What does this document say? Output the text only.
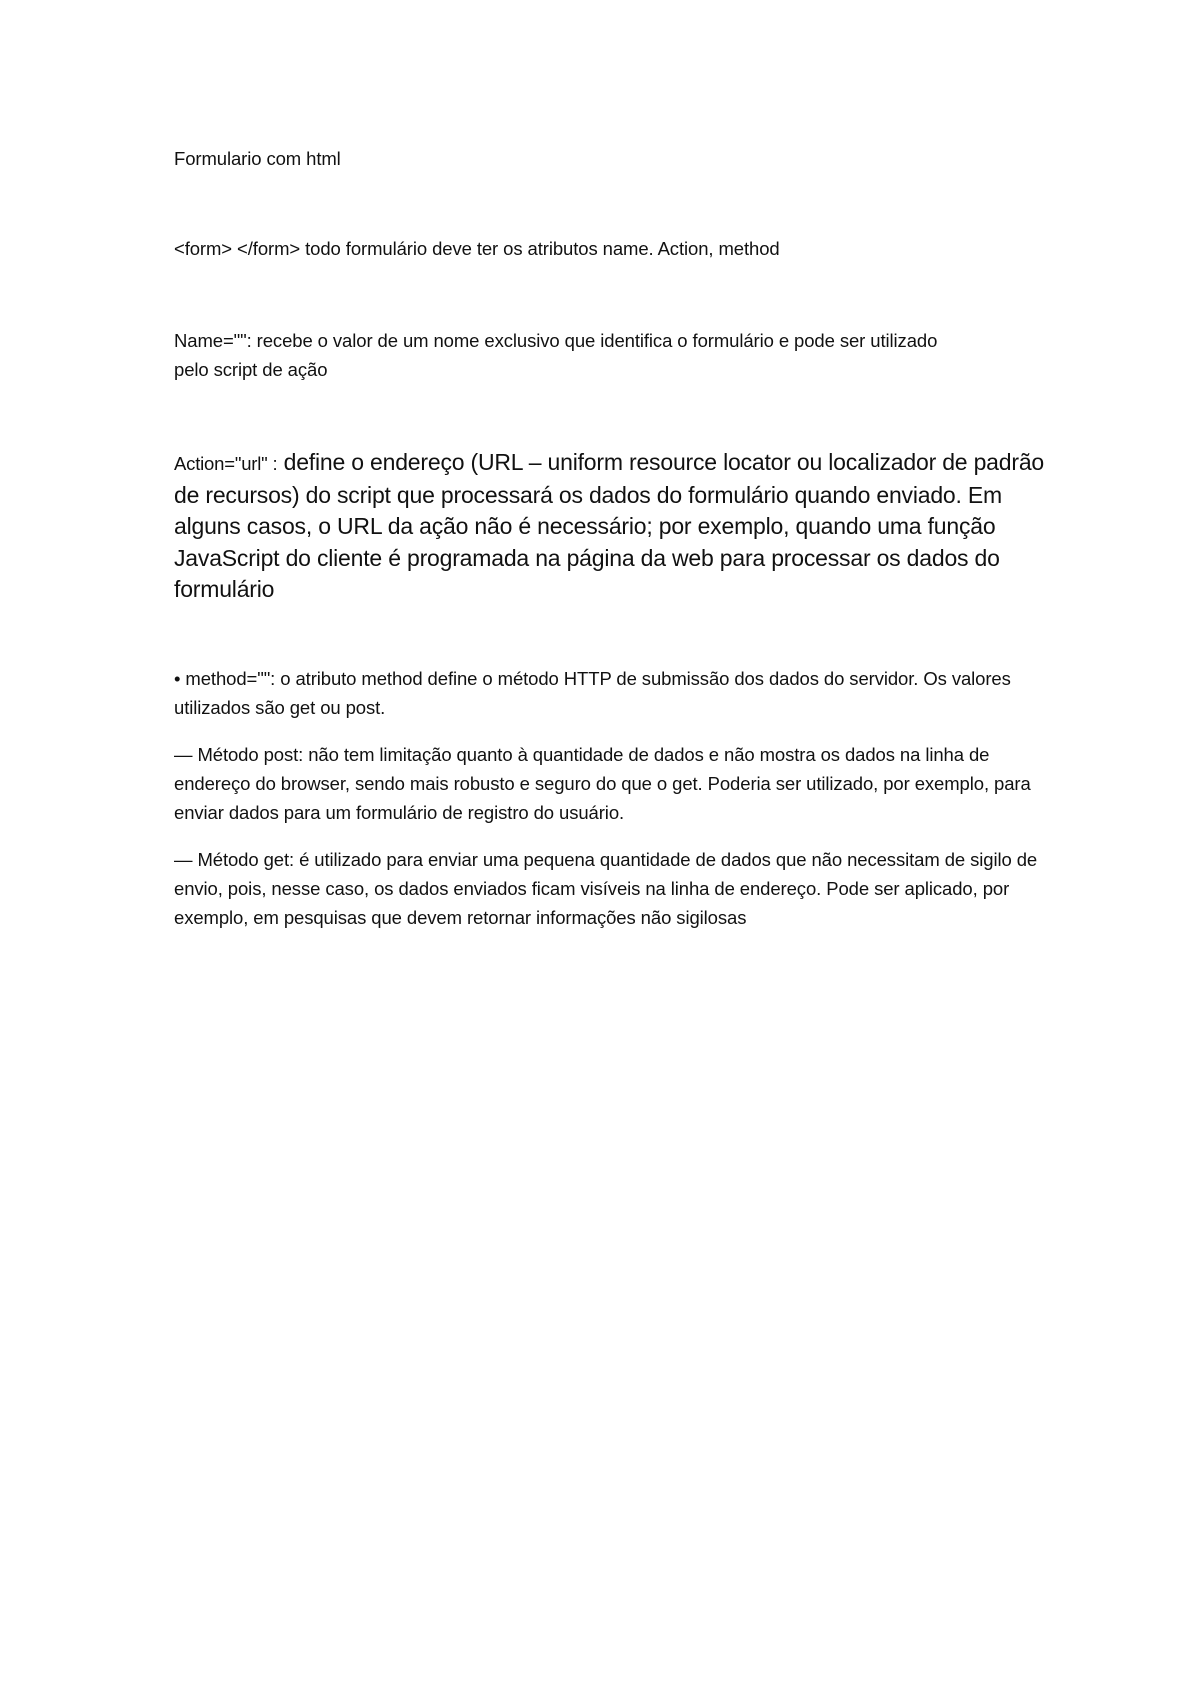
Formulario com html

<form> </form> todo formulário deve ter os atributos name. Action, method

Name="": recebe o valor de um nome exclusivo que identifica o formulário e pode ser utilizado pelo script de ação

Action="url" : define o endereço (URL – uniform resource locator ou localizador de padrão de recursos) do script que processará os dados do formulário quando enviado. Em alguns casos, o URL da ação não é necessário; por exemplo, quando uma função JavaScript do cliente é programada na página da web para processar os dados do formulário

• method="": o atributo method define o método HTTP de submissão dos dados do servidor. Os valores utilizados são get ou post.

— Método post: não tem limitação quanto à quantidade de dados e não mostra os dados na linha de endereço do browser, sendo mais robusto e seguro do que o get. Poderia ser utilizado, por exemplo, para enviar dados para um formulário de registro do usuário.

— Método get: é utilizado para enviar uma pequena quantidade de dados que não necessitam de sigilo de envio, pois, nesse caso, os dados enviados ficam visíveis na linha de endereço. Pode ser aplicado, por exemplo, em pesquisas que devem retornar informações não sigilosas
